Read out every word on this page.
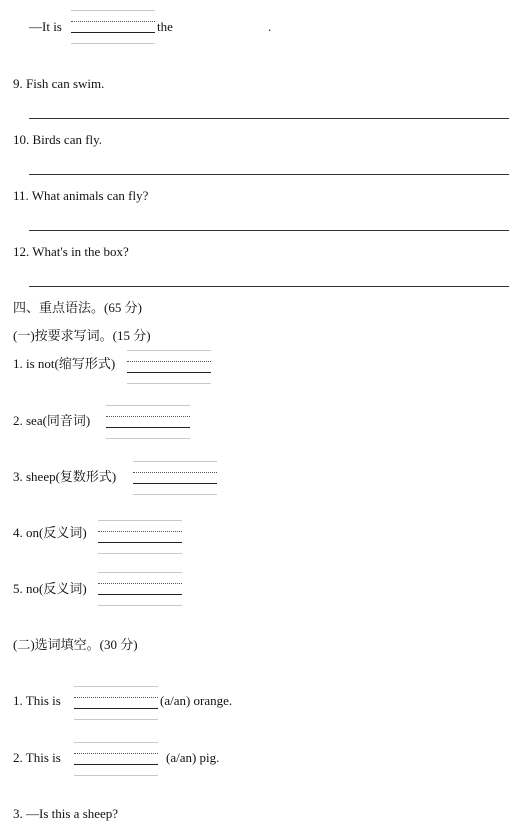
—It is	the	.
9. Fish can swim.
10. Birds can fly.
11. What animals can fly?
12. What's in the box?
四、重点语法。(65 分)
(一)按要求写词。(15 分)
1. is not(缩写形式)
2. sea(同音词)
3. sheep(复数形式)
4. on(反义词)
5. no(反义词)
(二)选词填空。(30 分)
1. This is	(a/an) orange.
2. This is	(a/an) pig.
3. —Is this a sheep?
